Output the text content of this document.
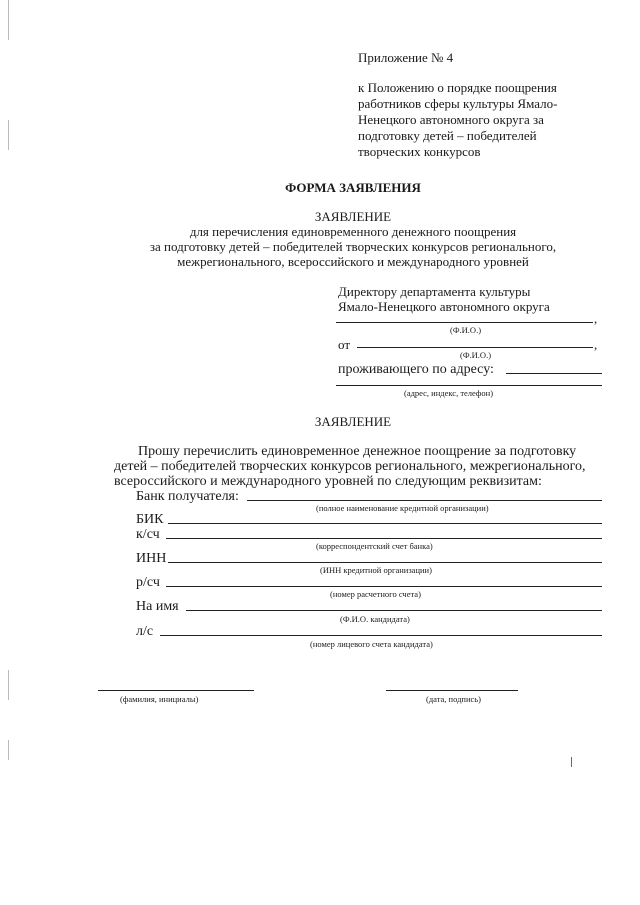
Приложение № 4
к Положению о порядке поощрения
работников сферы культуры Ямало-
Ненецкого автономного округа за
подготовку детей – победителей
творческих конкурсов
ФОРМА ЗАЯВЛЕНИЯ
ЗАЯВЛЕНИЕ
для перечисления единовременного денежного поощрения
за подготовку детей – победителей творческих конкурсов регионального,
межрегионального, всероссийского и международного уровней
Директору департамента культуры
Ямало-Ненецкого автономного округа
,
(Ф.И.О.)
от	,
(Ф.И.О.)
проживающего по адресу:
(адрес, индекс, телефон)
ЗАЯВЛЕНИЕ
Прошу перечислить единовременное денежное поощрение за подготовку
детей – победителей творческих конкурсов регионального, межрегионального,
всероссийского и международного уровней по следующим реквизитам:
Банк получателя:
(полное наименование кредитной организации)
БИК
к/сч
(корреспондентский счет банка)
ИНН
(ИНН кредитной организации)
р/сч
(номер расчетного счета)
На имя
(Ф.И.О. кандидата)
л/с
(номер лицевого счета кандидата)
(фамилия, инициалы)	(дата, подпись)
